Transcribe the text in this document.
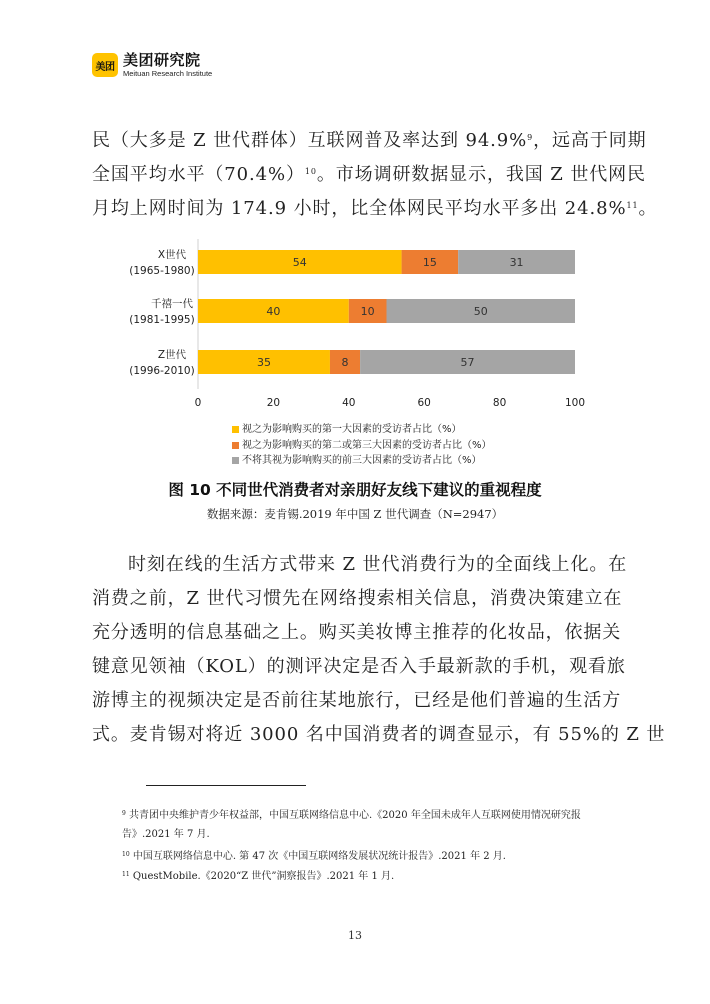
美团 美团研究院
Meituan Research Institute
民（大多是 Z 世代群体）互联网普及率达到 94.9%$^9$，远高于同期
全国平均水平$(70.4\%)^{10}$。市场调研数据显示，我国 Z 世代网民
月均上网时间为 174.9 小时，比全体网民平均水平多出 24.8%$^{11}$。
54	15	31
X世代
(1965-1980)
40	10	50
千禧一代
(1981-1995)
35	8	57
Z世代
(1996-2010)
0	20	40	60	80	100
视之为影响购买的第一大因素的受访者占比（%）
视之为影响购买的第二或第三大因素的受访者占比（%）
不将其视为影响购买的前三大因素的受访者占比（%）
图 10 不同世代消费者对亲朋好友线下建议的重视程度
数据来源：麦肯锡.2019 年中国 Z 世代调查（N=2947）
时刻在线的生活方式带来 Z 世代消费行为的全面线上化。在
消费之前，Z 世代习惯先在网络搜索相关信息，消费决策建立在
充分透明的信息基础之上。购买美妆博主推荐的化妆品，依据关
键意见领袖（KOL）的测评决定是否入手最新款的手机，观看旅
游博主的视频决定是否前往某地旅行，已经是他们普遍的生活方
式。麦肯锡对将近 3000 名中国消费者的调查显示，有 55%的 Z 世
$^9$ 共青团中央维护青少年权益部，中国互联网络信息中心.《2020 年全国未成年人互联网使用情况研究报
告》.2021 年 7 月.
$^{10}$ 中国互联网络信息中心. 第 47 次《中国互联网络发展状况统计报告》.2021 年 2 月.
$^{11}$ QuestMobile.《2020“Z 世代”洞察报告》.2021 年 1 月.
13
